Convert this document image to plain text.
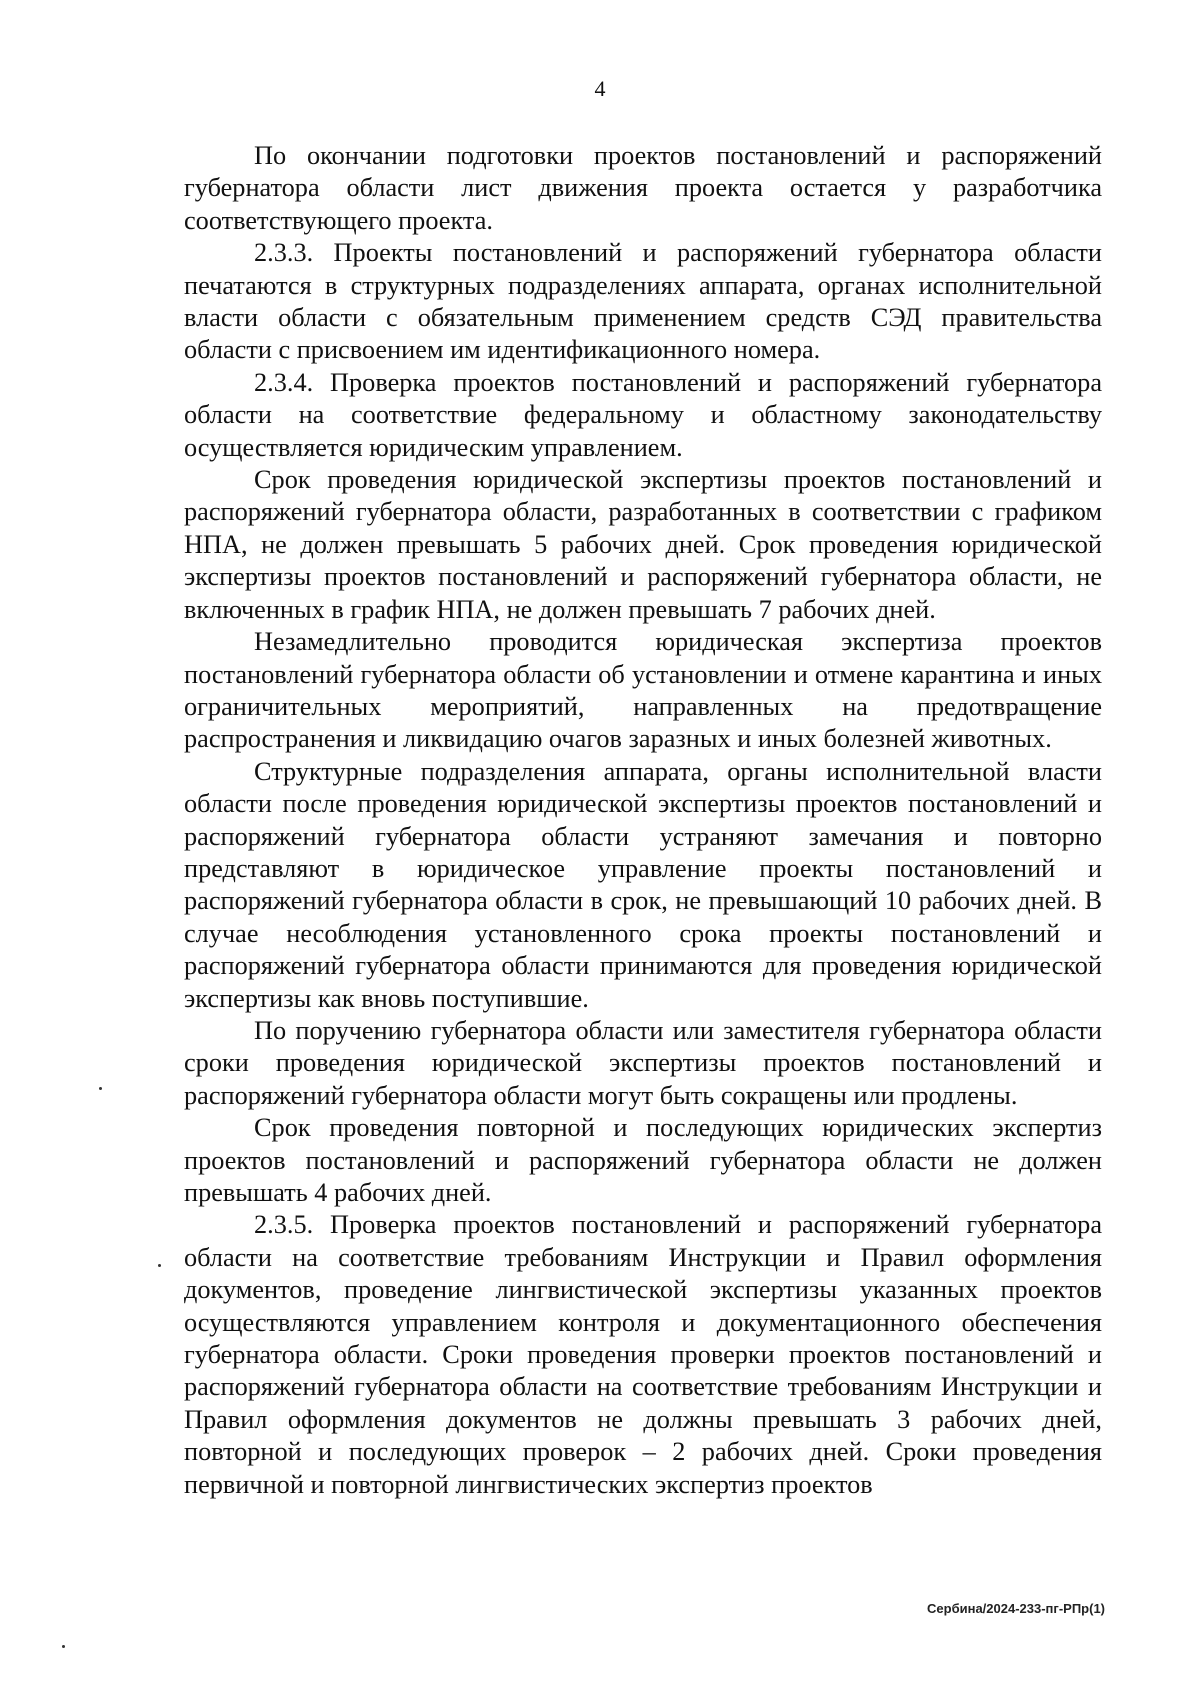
4

По окончании подготовки проектов постановлений и распоряжений губернатора области лист движения проекта остается у разработчика соответствующего проекта.

2.3.3. Проекты постановлений и распоряжений губернатора области печатаются в структурных подразделениях аппарата, органах исполнительной власти области с обязательным применением средств СЭД правительства области с присвоением им идентификационного номера.

2.3.4. Проверка проектов постановлений и распоряжений губернатора области на соответствие федеральному и областному законодательству осуществляется юридическим управлением.

Срок проведения юридической экспертизы проектов постановлений и распоряжений губернатора области, разработанных в соответствии с графиком НПА, не должен превышать 5 рабочих дней. Срок проведения юридической экспертизы проектов постановлений и распоряжений губернатора области, не включенных в график НПА, не должен превышать 7 рабочих дней.

Незамедлительно проводится юридическая экспертиза проектов постановлений губернатора области об установлении и отмене карантина и иных ограничительных мероприятий, направленных на предотвращение распространения и ликвидацию очагов заразных и иных болезней животных.

Структурные подразделения аппарата, органы исполнительной власти области после проведения юридической экспертизы проектов постановлений и распоряжений губернатора области устраняют замечания и повторно представляют в юридическое управление проекты постановлений и распоряжений губернатора области в срок, не превышающий 10 рабочих дней. В случае несоблюдения установленного срока проекты постановлений и распоряжений губернатора области принимаются для проведения юридической экспертизы как вновь поступившие.

По поручению губернатора области или заместителя губернатора области сроки проведения юридической экспертизы проектов постановлений и распоряжений губернатора области могут быть сокращены или продлены.

Срок проведения повторной и последующих юридических экспертиз проектов постановлений и распоряжений губернатора области не должен превышать 4 рабочих дней.

2.3.5. Проверка проектов постановлений и распоряжений губернатора области на соответствие требованиям Инструкции и Правил оформления документов, проведение лингвистической экспертизы указанных проектов осуществляются управлением контроля и документационного обеспечения губернатора области. Сроки проведения проверки проектов постановлений и распоряжений губернатора области на соответствие требованиям Инструкции и Правил оформления документов не должны превышать 3 рабочих дней, повторной и последующих проверок – 2 рабочих дней. Сроки проведения первичной и повторной лингвистических экспертиз проектов

Сербина/2024-233-пг-РПр(1)
